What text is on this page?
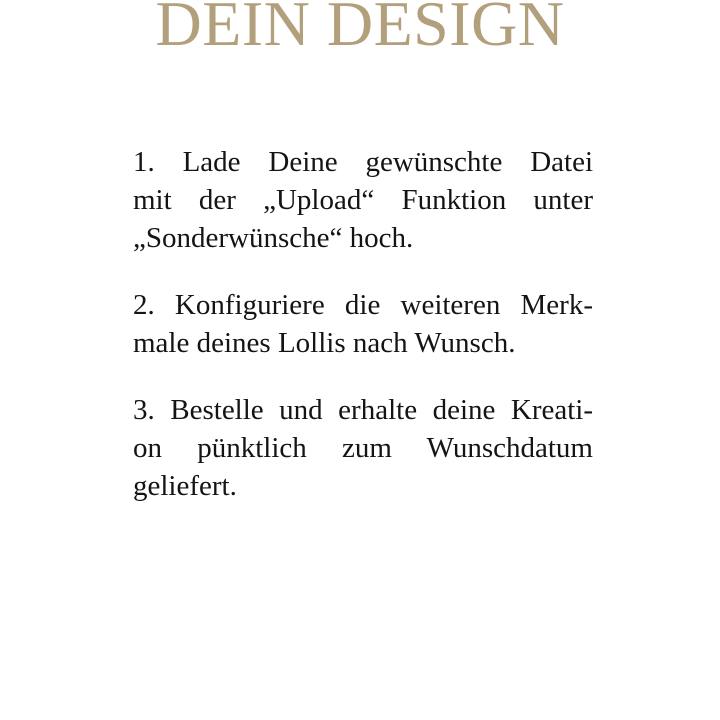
DEIN DESIGN

1. Lade Deine gewünschte Datei
mit der „Upload“ Funktion unter
„Sonderwünsche“ hoch.

2. Konfiguriere die weiteren Merk-
male deines Lollis nach Wunsch.

3. Bestelle und erhalte deine Kreati-
on pünktlich zum Wunschdatum
geliefert.
